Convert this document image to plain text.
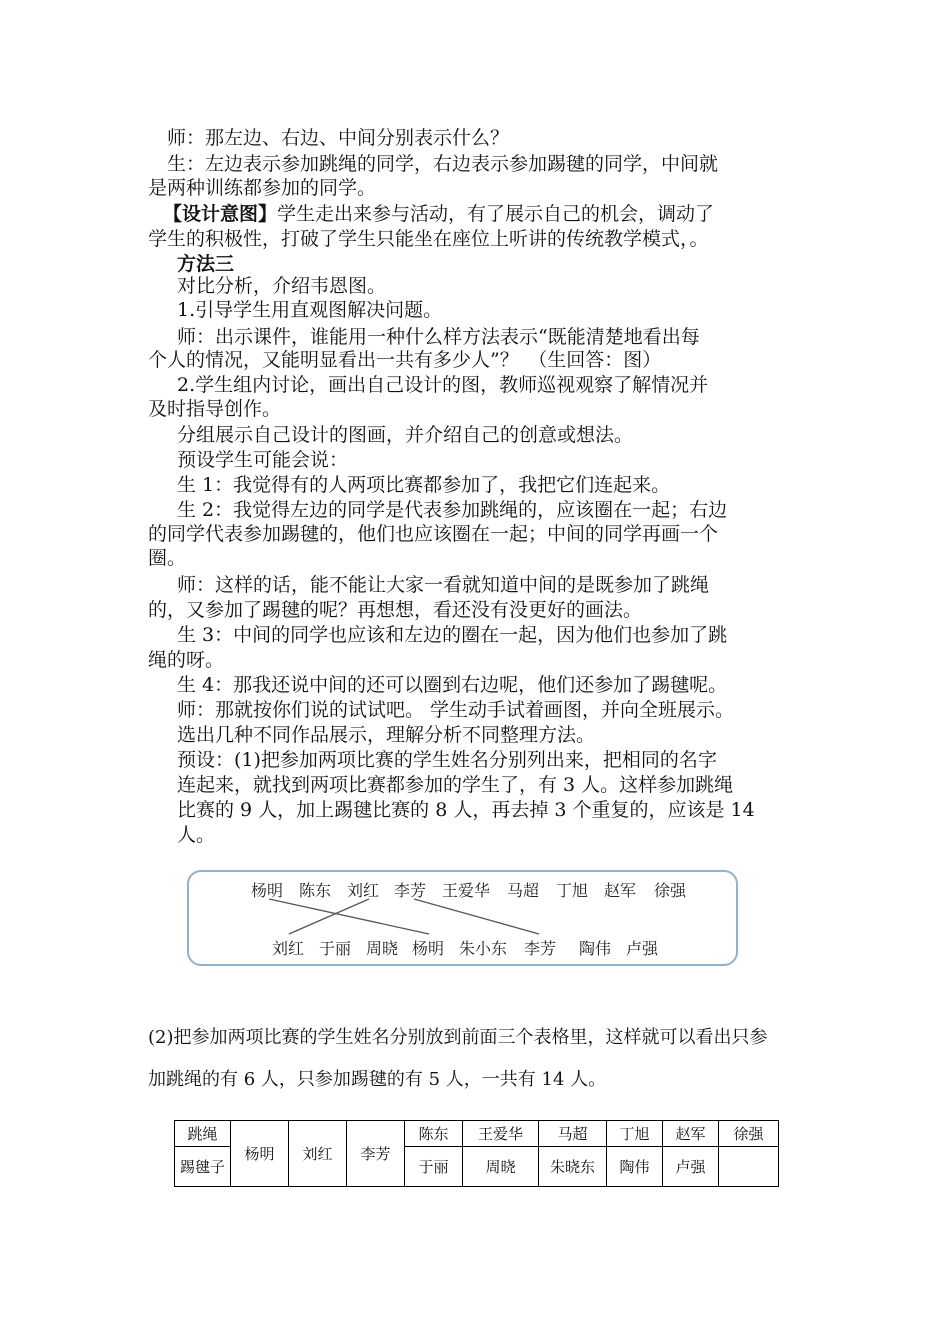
师：那左边、右边、中间分别表示什么？
生：左边表示参加跳绳的同学，右边表示参加踢毽的同学，中间就
是两种训练都参加的同学。
【设计意图】学生走出来参与活动，有了展示自己的机会，调动了
学生的积极性，打破了学生只能坐在座位上听讲的传统教学模式，。
方法三
对比分析，介绍韦恩图。
1.引导学生用直观图解决问题。
师：出示课件，谁能用一种什么样方法表示“既能清楚地看出每
个人的情况，又能明显看出一共有多少人”？　（生回答：图）
2.学生组内讨论，画出自己设计的图，教师巡视观察了解情况并
及时指导创作。
分组展示自己设计的图画，并介绍自己的创意或想法。
预设学生可能会说：
生 1：我觉得有的人两项比赛都参加了，我把它们连起来。
生 2：我觉得左边的同学是代表参加跳绳的，应该圈在一起；右边
的同学代表参加踢毽的，他们也应该圈在一起；中间的同学再画一个
圈。
师：这样的话，能不能让大家一看就知道中间的是既参加了跳绳
的，又参加了踢毽的呢？再想想，看还没有没更好的画法。
生 3：中间的同学也应该和左边的圈在一起，因为他们也参加了跳
绳的呀。
生 4：那我还说中间的还可以圈到右边呢，他们还参加了踢毽呢。
师：那就按你们说的试试吧。 学生动手试着画图，并向全班展示。
选出几种不同作品展示，理解分析不同整理方法。
预设：(1)把参加两项比赛的学生姓名分别列出来，把相同的名字
连起来，就找到两项比赛都参加的学生了，有 3 人。这样参加跳绳
比赛的 9 人，加上踢毽比赛的 8 人，再去掉 3 个重复的，应该是 14
人。
杨明 陈东 刘红 李芳 王爱华 马超 丁旭 赵军 徐强
刘红 于丽 周晓 杨明 朱小东 李芳 陶伟 卢强
(2)把参加两项比赛的学生姓名分别放到前面三个表格里，这样就可以看出只参
加跳绳的有 6 人，只参加踢毽的有 5 人，一共有 14 人。
跳绳	杨明	刘红	李芳	陈东	王爱华	马超	丁旭	赵军	徐强
踢毽子				于丽	周晓	朱晓东	陶伟	卢强	
